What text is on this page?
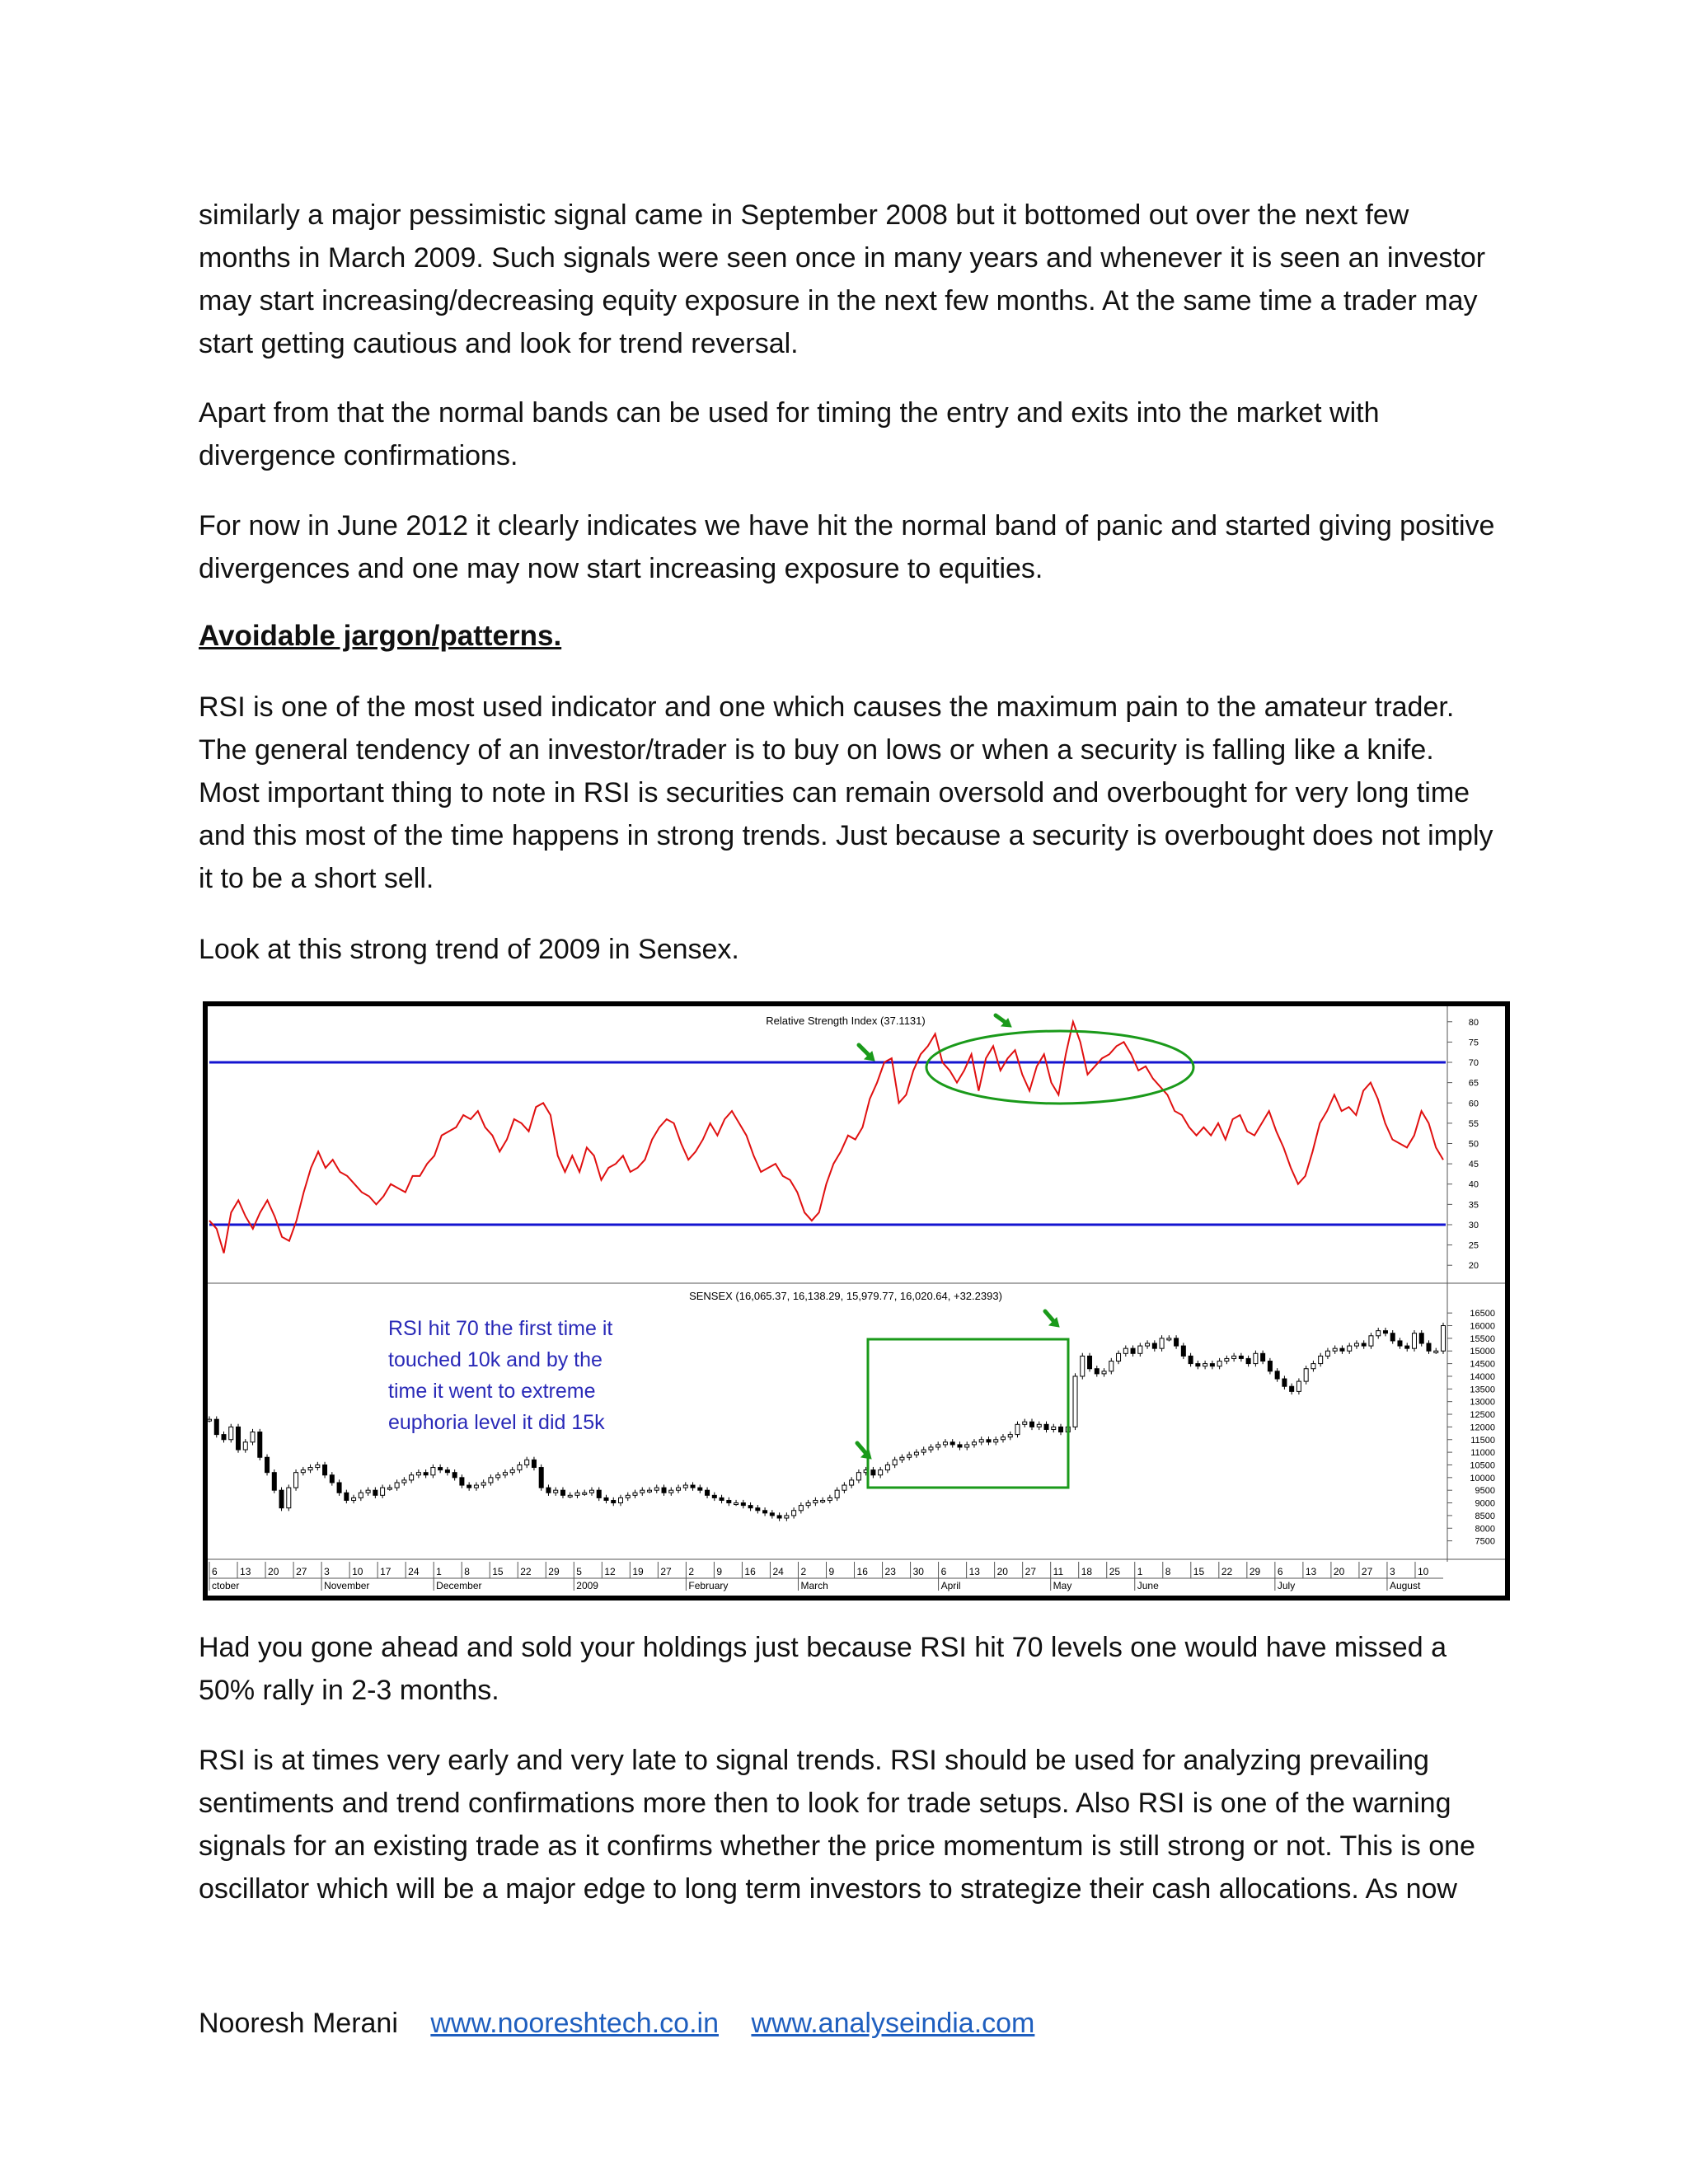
similarly a major pessimistic signal came in September 2008 but it bottomed out over the next few months in March 2009. Such signals were seen once in many years and whenever it is seen an investor may start increasing/decreasing equity exposure in the next few months. At the same time a trader may start getting cautious and look for trend reversal.

Apart from that the normal bands can be used for timing the entry and exits into the market with divergence confirmations.

For now in June 2012 it clearly indicates we have hit the normal band of panic and started giving positive divergences and one may now start increasing exposure to equities.

Avoidable jargon/patterns.

RSI is one of the most used indicator and one which causes the maximum pain to the amateur trader. The general tendency of an investor/trader is to buy on lows or when a security is falling like a knife. Most important thing to note in RSI is securities can remain oversold and overbought for very long time and this most of the time happens in strong trends. Just because a security is overbought does not imply it to be a short sell.

Look at this strong trend of 2009 in Sensex.

Relative Strength Index (37.1131)
SENSEX (16,065.37, 16,138.29, 15,979.77, 16,020.64, +32.2393)
80
75
70
65
60
55
50
45
40
35
30
25
20
16500
16000
15500
15000
14500
14000
13500
13000
12500
12000
11500
11000
10500
10000
9500
9000
8500
8000
7500
6 13 20 27 3 10 17 24 1 8 15 22 29 5 12 19 27 2 9 16 24 2 9 16 23 30 6 13 20 27 11 18 25 1 8 15 22 29 6 13 20 27 3 10
ctober	November	December	2009	February	March	April	May	June	July	August
RSI hit 70 the first time it
touched 10k and by the
time it went to extreme
euphoria level it did 15k

Had you gone ahead and sold your holdings just because RSI hit 70 levels one would have missed a 50% rally in 2-3 months.

RSI is at times very early and very late to signal trends. RSI should be used for analyzing prevailing sentiments and trend confirmations more then to look for trade setups. Also RSI is one of the warning signals for an existing trade as it confirms whether the price momentum is still strong or not. This is one oscillator which will be a major edge to long term investors to strategize their cash allocations. As now

Nooresh Merani www.nooreshtech.co.in www.analyseindia.com
